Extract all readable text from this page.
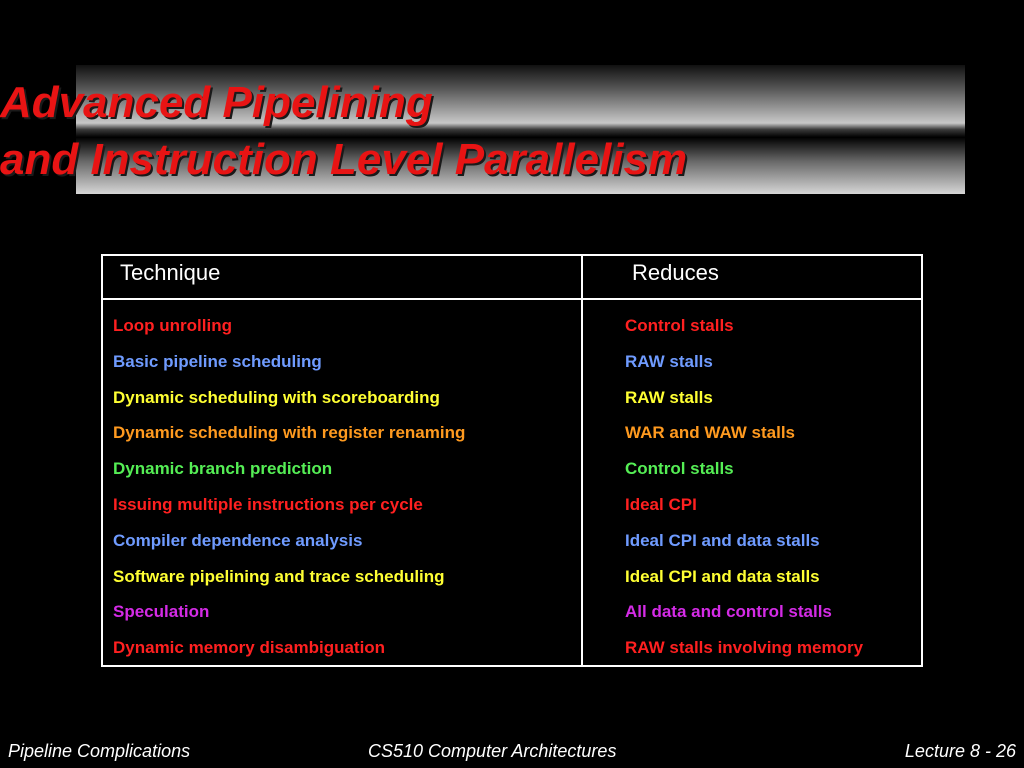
Advanced Pipelining
and Instruction Level Parallelism
Technique	Reduces
Loop unrolling	Control stalls
Basic pipeline scheduling	RAW stalls
Dynamic scheduling with scoreboarding	RAW stalls
Dynamic scheduling with register renaming	WAR and WAW stalls
Dynamic branch prediction	Control stalls
Issuing multiple instructions per cycle	Ideal CPI
Compiler dependence analysis	Ideal CPI and data stalls
Software pipelining and trace scheduling	Ideal CPI and data stalls
Speculation	All data and control stalls
Dynamic memory disambiguation	RAW stalls involving memory
Pipeline Complications	CS510 Computer Architectures	Lecture 8 - 26
